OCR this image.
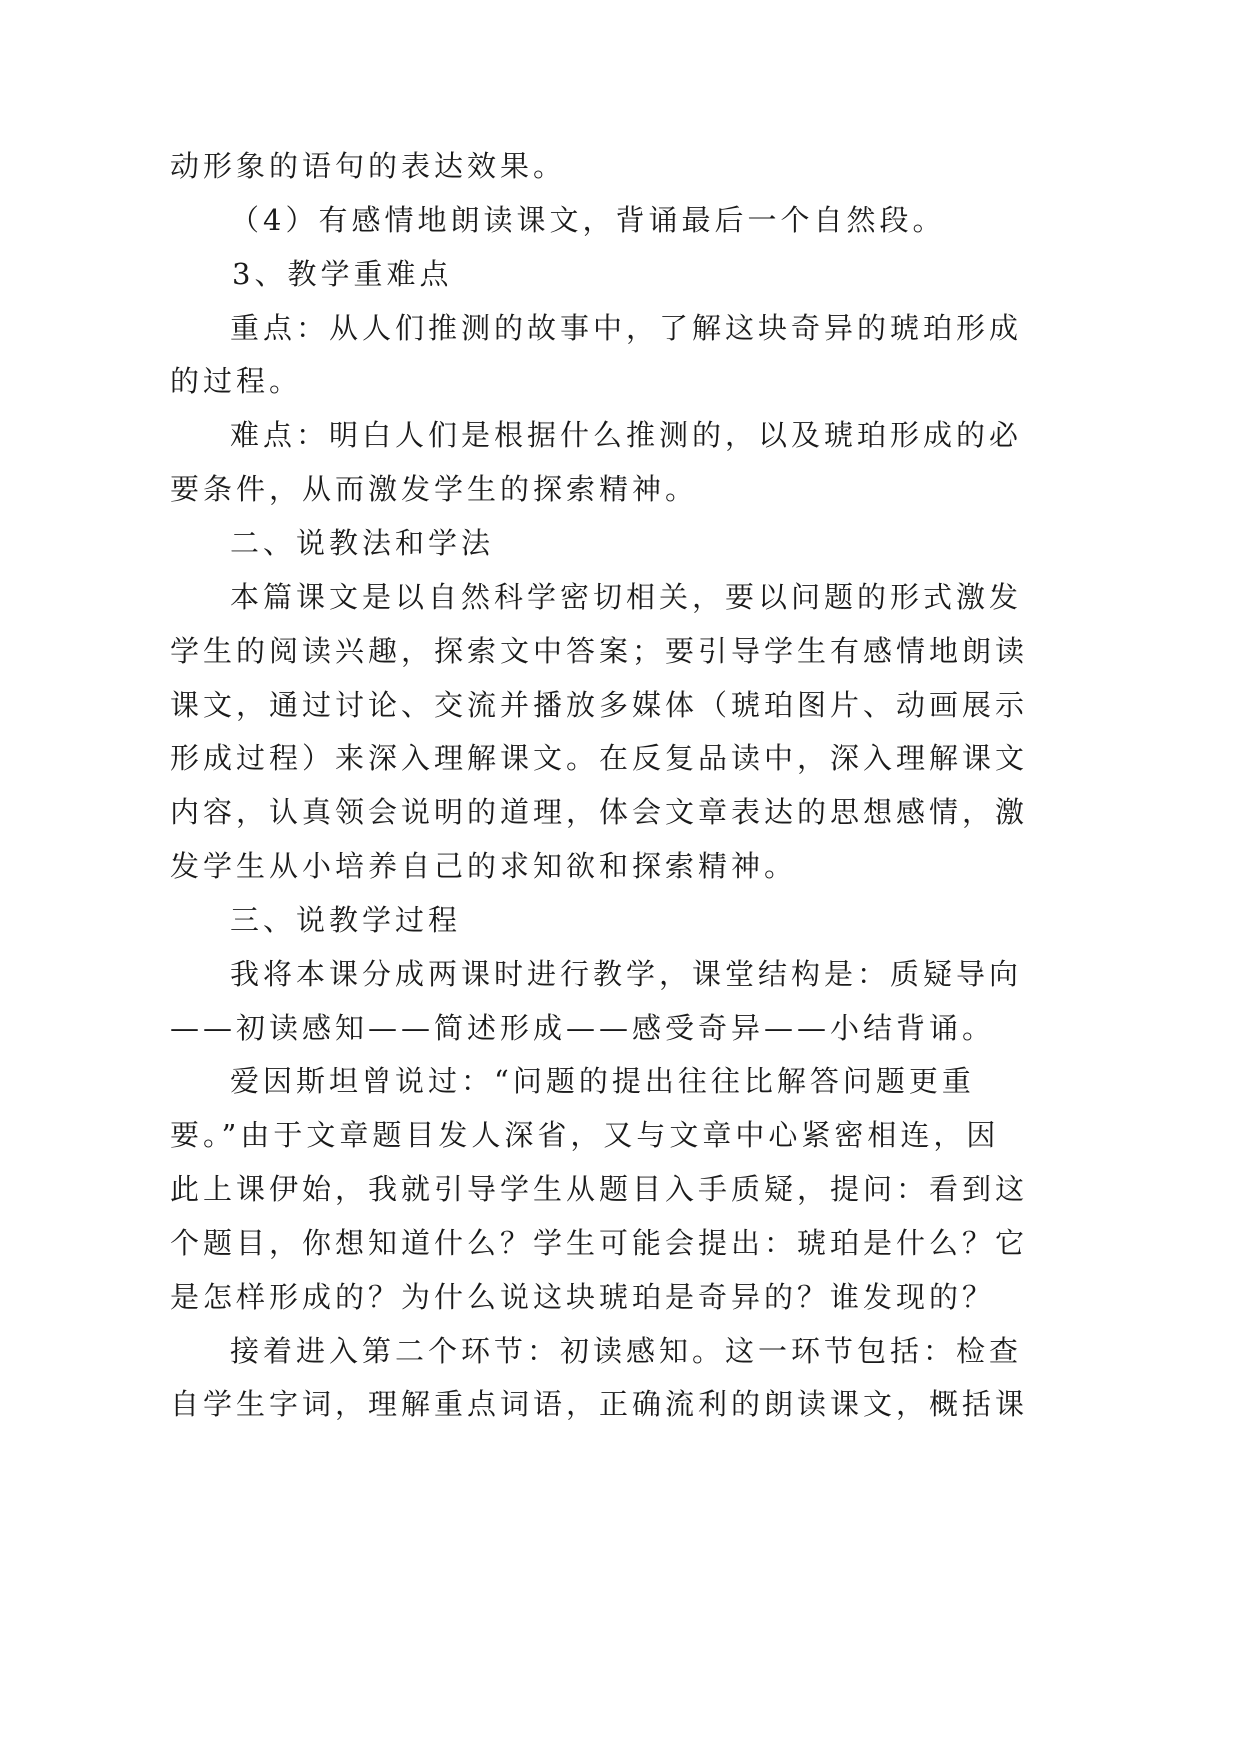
动形象的语句的表达效果。
（4）有感情地朗读课文，背诵最后一个自然段。
3、教学重难点
重点：从人们推测的故事中，了解这块奇异的琥珀形成
的过程。
难点：明白人们是根据什么推测的，以及琥珀形成的必
要条件，从而激发学生的探索精神。
二、说教法和学法
本篇课文是以自然科学密切相关，要以问题的形式激发
学生的阅读兴趣，探索文中答案；要引导学生有感情地朗读
课文，通过讨论、交流并播放多媒体（琥珀图片、动画展示
形成过程）来深入理解课文。在反复品读中，深入理解课文
内容，认真领会说明的道理，体会文章表达的思想感情，激
发学生从小培养自己的求知欲和探索精神。
三、说教学过程
我将本课分成两课时进行教学，课堂结构是：质疑导向
——初读感知——简述形成——感受奇异——小结背诵。
爱因斯坦曾说过：“问题的提出往往比解答问题更重
要。”由于文章题目发人深省，又与文章中心紧密相连，因
此上课伊始，我就引导学生从题目入手质疑，提问：看到这
个题目，你想知道什么？学生可能会提出：琥珀是什么？它
是怎样形成的？为什么说这块琥珀是奇异的？谁发现的？
接着进入第二个环节：初读感知。这一环节包括：检查
自学生字词，理解重点词语，正确流利的朗读课文，概括课
